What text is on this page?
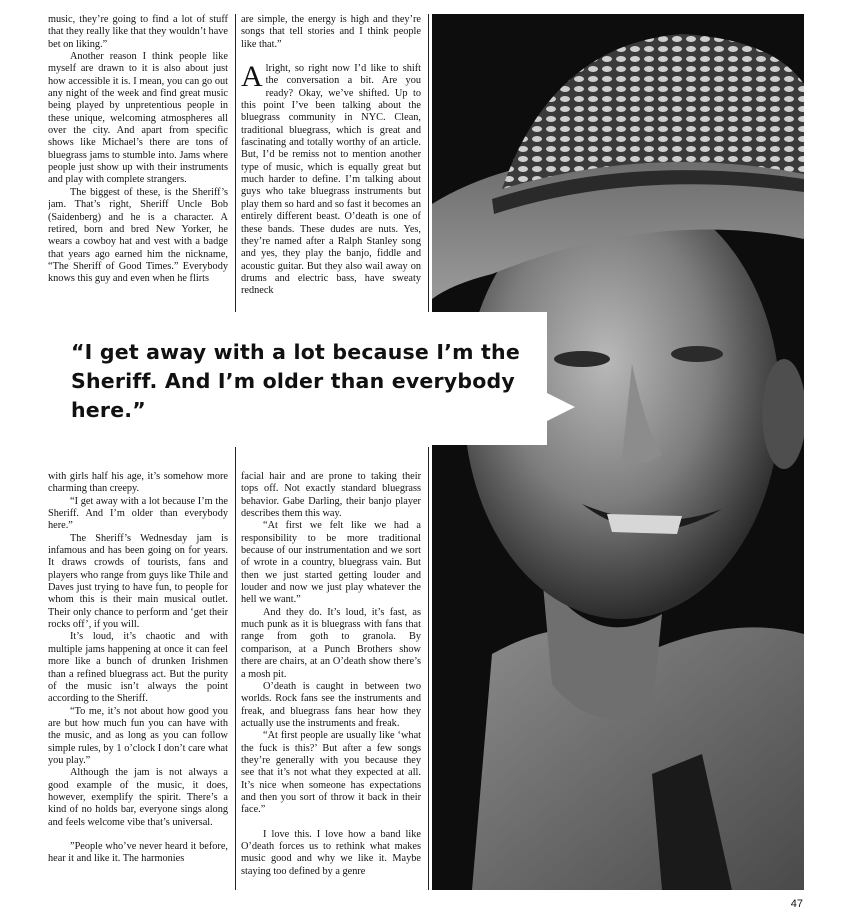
music, they’re going to find a lot of stuff that they really like that they wouldn’t have bet on liking.”

Another reason I think people like myself are drawn to it is also about just how accessible it is. I mean, you can go out any night of the week and find great music being played by unpretentious people in these unique, welcoming atmospheres all over the city. And apart from specific shows like Michael’s there are tons of bluegrass jams to stumble into. Jams where people just show up with their instruments and play with complete strangers.

The biggest of these, is the Sheriff’s jam. That’s right, Sheriff Uncle Bob (Saidenberg) and he is a character. A retired, born and bred New Yorker, he wears a cowboy hat and vest with a badge that years ago earned him the nickname, “The Sheriff of Good Times.” Everybody knows this guy and even when he flirts

are simple, the energy is high and they’re songs that tell stories and I think people like that.”

Alright, so right now I’d like to shift the conversation a bit. Are you ready? Okay, we’ve shifted. Up to this point I’ve been talking about the bluegrass community in NYC. Clean, traditional bluegrass, which is great and fascinating and totally worthy of an article. But, I’d be remiss not to mention another type of music, which is equally great but much harder to define. I’m talking about guys who take bluegrass instruments but play them so hard and so fast it becomes an entirely different beast. O’death is one of these bands. These dudes are nuts. Yes, they’re named after a Ralph Stanley song and yes, they play the banjo, fiddle and acoustic guitar. But they also wail away on drums and electric bass, have sweaty redneck

“I get away with a lot because I’m the Sheriff. And I’m older than everybody here.”

with girls half his age, it’s somehow more charming than creepy.

“I get away with a lot because I’m the Sheriff. And I’m older than everybody here.”

The Sheriff’s Wednesday jam is infamous and has been going on for years. It draws crowds of tourists, fans and players who range from guys like Thile and Daves just trying to have fun, to people for whom this is their main musical outlet. Their only chance to perform and ‘get their rocks off’, if you will.

It’s loud, it’s chaotic and with multiple jams happening at once it can feel more like a bunch of drunken Irishmen than a refined bluegrass act. But the purity of the music isn’t always the point according to the Sheriff.

“To me, it’s not about how good you are but how much fun you can have with the music, and as long as you can follow simple rules, by 1 o’clock I don’t care what you play.”

Although the jam is not always a good example of the music, it does, however, exemplify the spirit. There’s a kind of no holds bar, everyone sings along and feels welcome vibe that’s universal.

”People who’ve never heard it before, hear it and like it. The harmonies

facial hair and are prone to taking their tops off. Not exactly standard bluegrass behavior. Gabe Darling, their banjo player describes them this way.

“At first we felt like we had a responsibility to be more traditional because of our instrumentation and we sort of wrote in a country, bluegrass vain. But then we just started getting louder and louder and now we just play whatever the hell we want.”

And they do. It’s loud, it’s fast, as much punk as it is bluegrass with fans that range from goth to granola. By comparison, at a Punch Brothers show there are chairs, at an O’death show there’s a mosh pit.

O’death is caught in between two worlds. Rock fans see the instruments and freak, and bluegrass fans hear how they actually use the instruments and freak.

“At first people are usually like ‘what the fuck is this?’ But after a few songs they’re generally with you because they see that it’s not what they expected at all. It’s nice when someone has expectations and then you sort of throw it back in their face.”

I love this. I love how a band like O’death forces us to rethink what makes music good and why we like it. Maybe staying too defined by a genre

47
